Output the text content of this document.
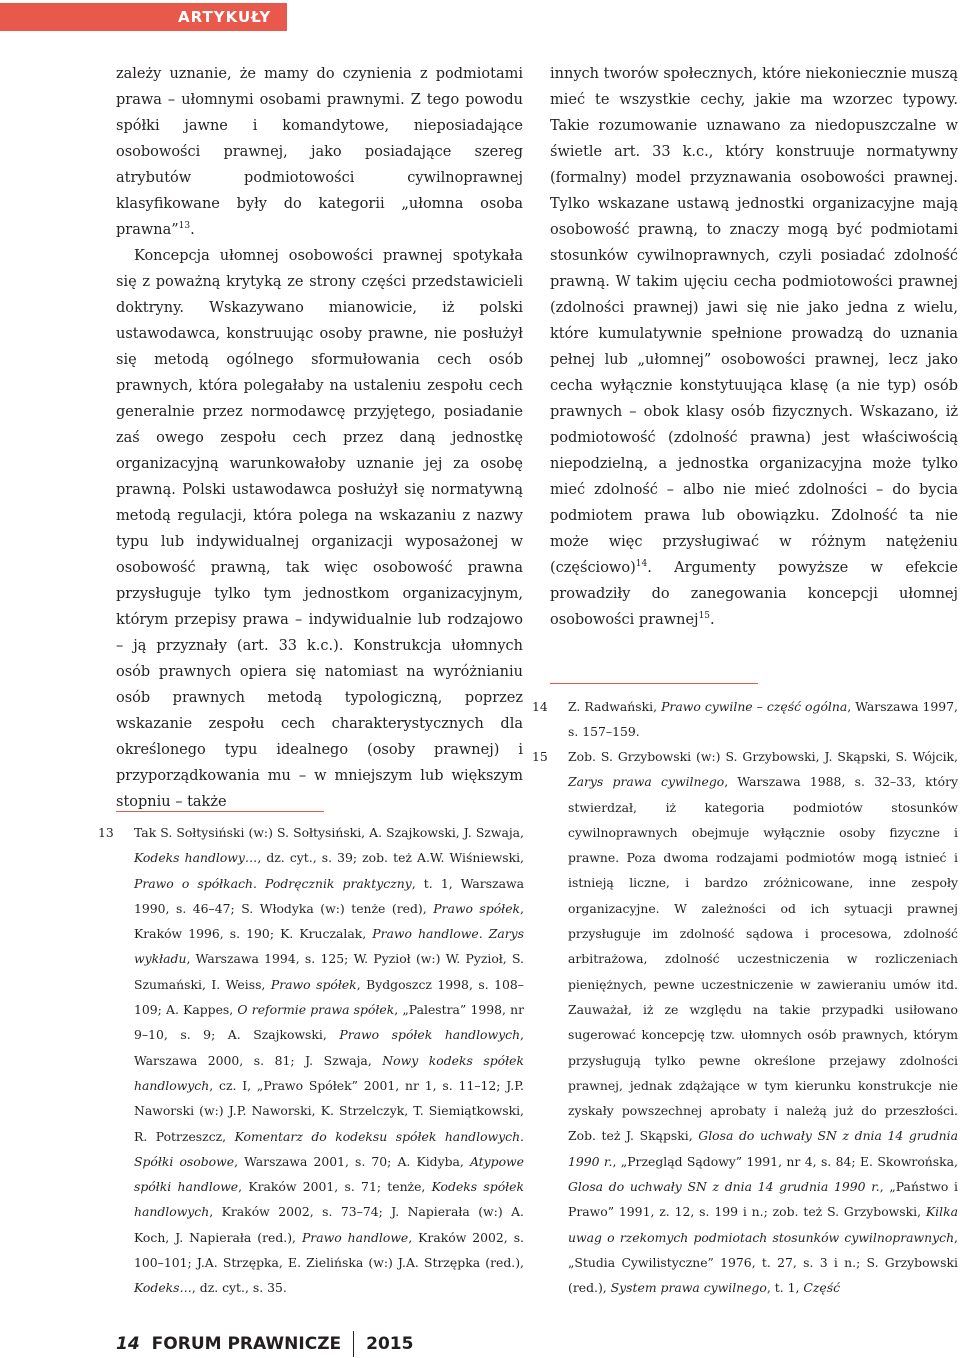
ARTYKUŁY

zależy uznanie, że mamy do czynienia z podmiotami prawa – ułomnymi osobami prawnymi. Z tego powodu spółki jawne i komandytowe, nieposiadające osobowości prawnej, jako posiadające szereg atrybutów podmiotowości cywilnoprawnej klasyfikowane były do kategorii „ułomna osoba prawna”$^{13}$.

Koncepcja ułomnej osobowości prawnej spotykała się z poważną krytyką ze strony części przedstawicieli doktryny. Wskazywano mianowicie, iż polski ustawodawca, konstruując osoby prawne, nie posłużył się metodą ogólnego sformułowania cech osób prawnych, która polegałaby na ustaleniu zespołu cech generalnie przez normodawcę przyjętego, posiadanie zaś owego zespołu cech przez daną jednostkę organizacyjną warunkowałoby uznanie jej za osobę prawną. Polski ustawodawca posłużył się normatywną metodą regulacji, która polega na wskazaniu z nazwy typu lub indywidualnej organizacji wyposażonej w osobowość prawną, tak więc osobowość prawna przysługuje tylko tym jednostkom organizacyjnym, którym przepisy prawa – indywidualnie lub rodzajowo – ją przyznały (art. 33 k.c.). Konstrukcja ułomnych osób prawnych opiera się natomiast na wyróżnianiu osób prawnych metodą typologiczną, poprzez wskazanie zespołu cech charakterystycznych dla określonego typu idealnego (osoby prawnej) i przyporządkowania mu – w mniejszym lub większym stopniu – także

innych tworów społecznych, które niekoniecznie muszą mieć te wszystkie cechy, jakie ma wzorzec typowy. Takie rozumowanie uznawano za niedopuszczalne w świetle art. 33 k.c., który konstruuje normatywny (formalny) model przyznawania osobowości prawnej. Tylko wskazane ustawą jednostki organizacyjne mają osobowość prawną, to znaczy mogą być podmiotami stosunków cywilnoprawnych, czyli posiadać zdolność prawną. W takim ujęciu cecha podmiotowości prawnej (zdolności prawnej) jawi się nie jako jedna z wielu, które kumulatywnie spełnione prowadzą do uznania pełnej lub „ułomnej” osobowości prawnej, lecz jako cecha wyłącznie konstytuująca klasę (a nie typ) osób prawnych – obok klasy osób fizycznych. Wskazano, iż podmiotowość (zdolność prawna) jest właściwością niepodzielną, a jednostka organizacyjna może tylko mieć zdolność – albo nie mieć zdolności – do bycia podmiotem prawa lub obowiązku. Zdolność ta nie może więc przysługiwać w różnym natężeniu (częściowo)$^{14}$. Argumenty powyższe w efekcie prowadziły do zanegowania koncepcji ułomnej osobowości prawnej$^{15}$.

13 Tak S. Sołtysiński (w:) S. Sołtysiński, A. Szajkowski, J. Szwaja, Kodeks handlowy…, dz. cyt., s. 39; zob. też A.W. Wiśniewski, Prawo o spółkach. Podręcznik praktyczny, t. 1, Warszawa 1990, s. 46–47; S. Włodyka (w:) tenże (red), Prawo spółek, Kraków 1996, s. 190; K. Kruczalak, Prawo handlowe. Zarys wykładu, Warszawa 1994, s. 125; W. Pyzioł (w:) W. Pyzioł, S. Szumański, I. Weiss, Prawo spółek, Bydgoszcz 1998, s. 108–109; A. Kappes, O reformie prawa spółek, „Palestra” 1998, nr 9–10, s. 9; A. Szajkowski, Prawo spółek handlowych, Warszawa 2000, s. 81; J. Szwaja, Nowy kodeks spółek handlowych, cz. I, „Prawo Spółek” 2001, nr 1, s. 11–12; J.P. Naworski (w:) J.P. Naworski, K. Strzelczyk, T. Siemiątkowski, R. Potrzeszcz, Komentarz do kodeksu spółek handlowych. Spółki osobowe, Warszawa 2001, s. 70; A. Kidyba, Atypowe spółki handlowe, Kraków 2001, s. 71; tenże, Kodeks spółek handlowych, Kraków 2002, s. 73–74; J. Napierała (w:) A. Koch, J. Napierała (red.), Prawo handlowe, Kraków 2002, s. 100–101; J.A. Strzępka, E. Zielińska (w:) J.A. Strzępka (red.), Kodeks…, dz. cyt., s. 35.
14 Z. Radwański, Prawo cywilne – część ogólna, Warszawa 1997, s. 157–159.
15 Zob. S. Grzybowski (w:) S. Grzybowski, J. Skąpski, S. Wójcik, Zarys prawa cywilnego, Warszawa 1988, s. 32–33, który stwierdzał, iż kategoria podmiotów stosunków cywilnoprawnych obejmuje wyłącznie osoby fizyczne i prawne. Poza dwoma rodzajami podmiotów mogą istnieć i istnieją liczne, i bardzo zróżnicowane, inne zespoły organizacyjne. W zależności od ich sytuacji prawnej przysługuje im zdolność sądowa i procesowa, zdolność arbitrażowa, zdolność uczestniczenia w rozliczeniach pieniężnych, pewne uczestniczenie w zawieraniu umów itd. Zauważał, iż ze względu na takie przypadki usiłowano sugerować koncepcję tzw. ułomnych osób prawnych, którym przysługują tylko pewne określone przejawy zdolności prawnej, jednak zdążające w tym kierunku konstrukcje nie zyskały powszechnej aprobaty i należą już do przeszłości. Zob. też J. Skąpski, Glosa do uchwały SN z dnia 14 grudnia 1990 r., „Przegląd Sądowy” 1991, nr 4, s. 84; E. Skowrońska, Glosa do uchwały SN z dnia 14 grudnia 1990 r., „Państwo i Prawo” 1991, z. 12, s. 199 i n.; zob. też S. Grzybowski, Kilka uwag o rzekomych podmiotach stosunków cywilnoprawnych, „Studia Cywilistyczne” 1976, t. 27, s. 3 i n.; S. Grzybowski (red.), System prawa cywilnego, t. 1, Część
14 FORUM PRAWNICZE 2015
